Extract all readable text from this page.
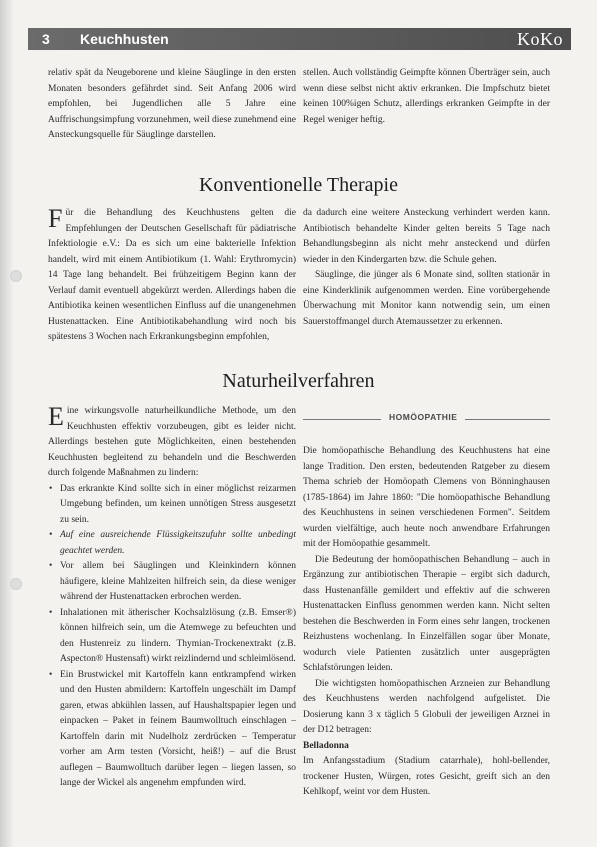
3 Keuchhusten	KoKo

relativ spät da Neugeborene und kleine Säuglinge in den ersten Monaten besonders gefährdet sind. Seit Anfang 2006 wird empfohlen, bei Jugendlichen alle 5 Jahre eine Auffrischungsimpfung vorzunehmen, weil diese zunehmend eine Ansteckungsquelle für Säuglinge darstellen.

stellen. Auch vollständig Geimpfte können Überträger sein, auch wenn diese selbst nicht aktiv erkranken. Die Impfschutz bietet keinen 100%igen Schutz, allerdings erkranken Geimpfte in der Regel weniger heftig.

Konventionelle Therapie

Für die Behandlung des Keuchhustens gelten die Empfehlungen der Deutschen Gesellschaft für pädiatrische Infektiologie e.V.: Da es sich um eine bakterielle Infektion handelt, wird mit einem Antibiotikum (1. Wahl: Erythromycin) 14 Tage lang behandelt. Bei frühzeitigem Beginn kann der Verlauf damit eventuell abgekürzt werden. Allerdings haben die Antibiotika keinen wesentlichen Einfluss auf die unangenehmen Hustenattacken. Eine Antibiotikabehandlung wird noch bis spätestens 3 Wochen nach Erkrankungsbeginn empfohlen,

da dadurch eine weitere Ansteckung verhindert werden kann. Antibiotisch behandelte Kinder gelten bereits 5 Tage nach Behandlungsbeginn als nicht mehr ansteckend und dürfen wieder in den Kindergarten bzw. die Schule gehen.

Säuglinge, die jünger als 6 Monate sind, sollten stationär in eine Kinderklinik aufgenommen werden. Eine vorübergehende Überwachung mit Monitor kann notwendig sein, um einen Sauerstoffmangel durch Atemaussetzer zu erkennen.

Naturheilverfahren

Eine wirkungsvolle naturheilkundliche Methode, um den Keuchhusten effektiv vorzubeugen, gibt es leider nicht. Allerdings bestehen gute Möglichkeiten, einen bestehenden Keuchhusten begleitend zu behandeln und die Beschwerden durch folgende Maßnahmen zu lindern:

• Das erkrankte Kind sollte sich in einer möglichst reizarmen Umgebung befinden, um keinen unnötigen Stress ausgesetzt zu sein.
• Auf eine ausreichende Flüssigkeitszufuhr sollte unbedingt geachtet werden.
• Vor allem bei Säuglingen und Kleinkindern können häufigere, kleine Mahlzeiten hilfreich sein, da diese weniger während der Hustenattacken erbrochen werden.
• Inhalationen mit ätherischer Kochsalzlösung (z.B. Emser®) können hilfreich sein, um die Atemwege zu befeuchten und den Hustenreiz zu lindern. Thymian-Trockenextrakt (z.B. Aspecton® Hustensaft) wirkt reizlindernd und schleimlösend.
• Ein Brustwickel mit Kartoffeln kann entkrampfend wirken und den Husten abmildern: Kartoffeln ungeschält im Dampf garen, etwas abkühlen lassen, auf Haushaltspapier legen und einpacken – Paket in feinem Baumwolltuch einschlagen – Kartoffeln darin mit Nudelholz zerdrücken – Temperatur vorher am Arm testen (Vorsicht, heiß!) – auf die Brust auflegen – Baumwolltuch darüber legen – liegen lassen, so lange der Wickel als angenehm empfunden wird.
HOMÖOPATHIE

Die homöopathische Behandlung des Keuchhustens hat eine lange Tradition. Den ersten, bedeutenden Ratgeber zu diesem Thema schrieb der Homöopath Clemens von Bönninghausen (1785-1864) im Jahre 1860: "Die homöopathische Behandlung des Keuchhustens in seinen verschiedenen Formen". Seitdem wurden vielfältige, auch heute noch anwendbare Erfahrungen mit der Homöopathie gesammelt.

Die Bedeutung der homöopathischen Behandlung – auch in Ergänzung zur antibiotischen Therapie – ergibt sich dadurch, dass Hustenanfälle gemildert und effektiv auf die schweren Hustenattacken Einfluss genommen werden kann. Nicht selten bestehen die Beschwerden in Form eines sehr langen, trockenen Reizhustens wochenlang. In Einzelfällen sogar über Monate, wodurch viele Patienten zusätzlich unter ausgeprägten Schlafstörungen leiden.

Die wichtigsten homöopathischen Arzneien zur Behandlung des Keuchhustens werden nachfolgend aufgelistet. Die Dosierung kann 3 x täglich 5 Globuli der jeweiligen Arznei in der D12 betragen:

Belladonna

Im Anfangsstadium (Stadium catarrhale), hohl-bellender, trockener Husten, Würgen, rotes Gesicht, greift sich an den Kehlkopf, weint vor dem Husten.
